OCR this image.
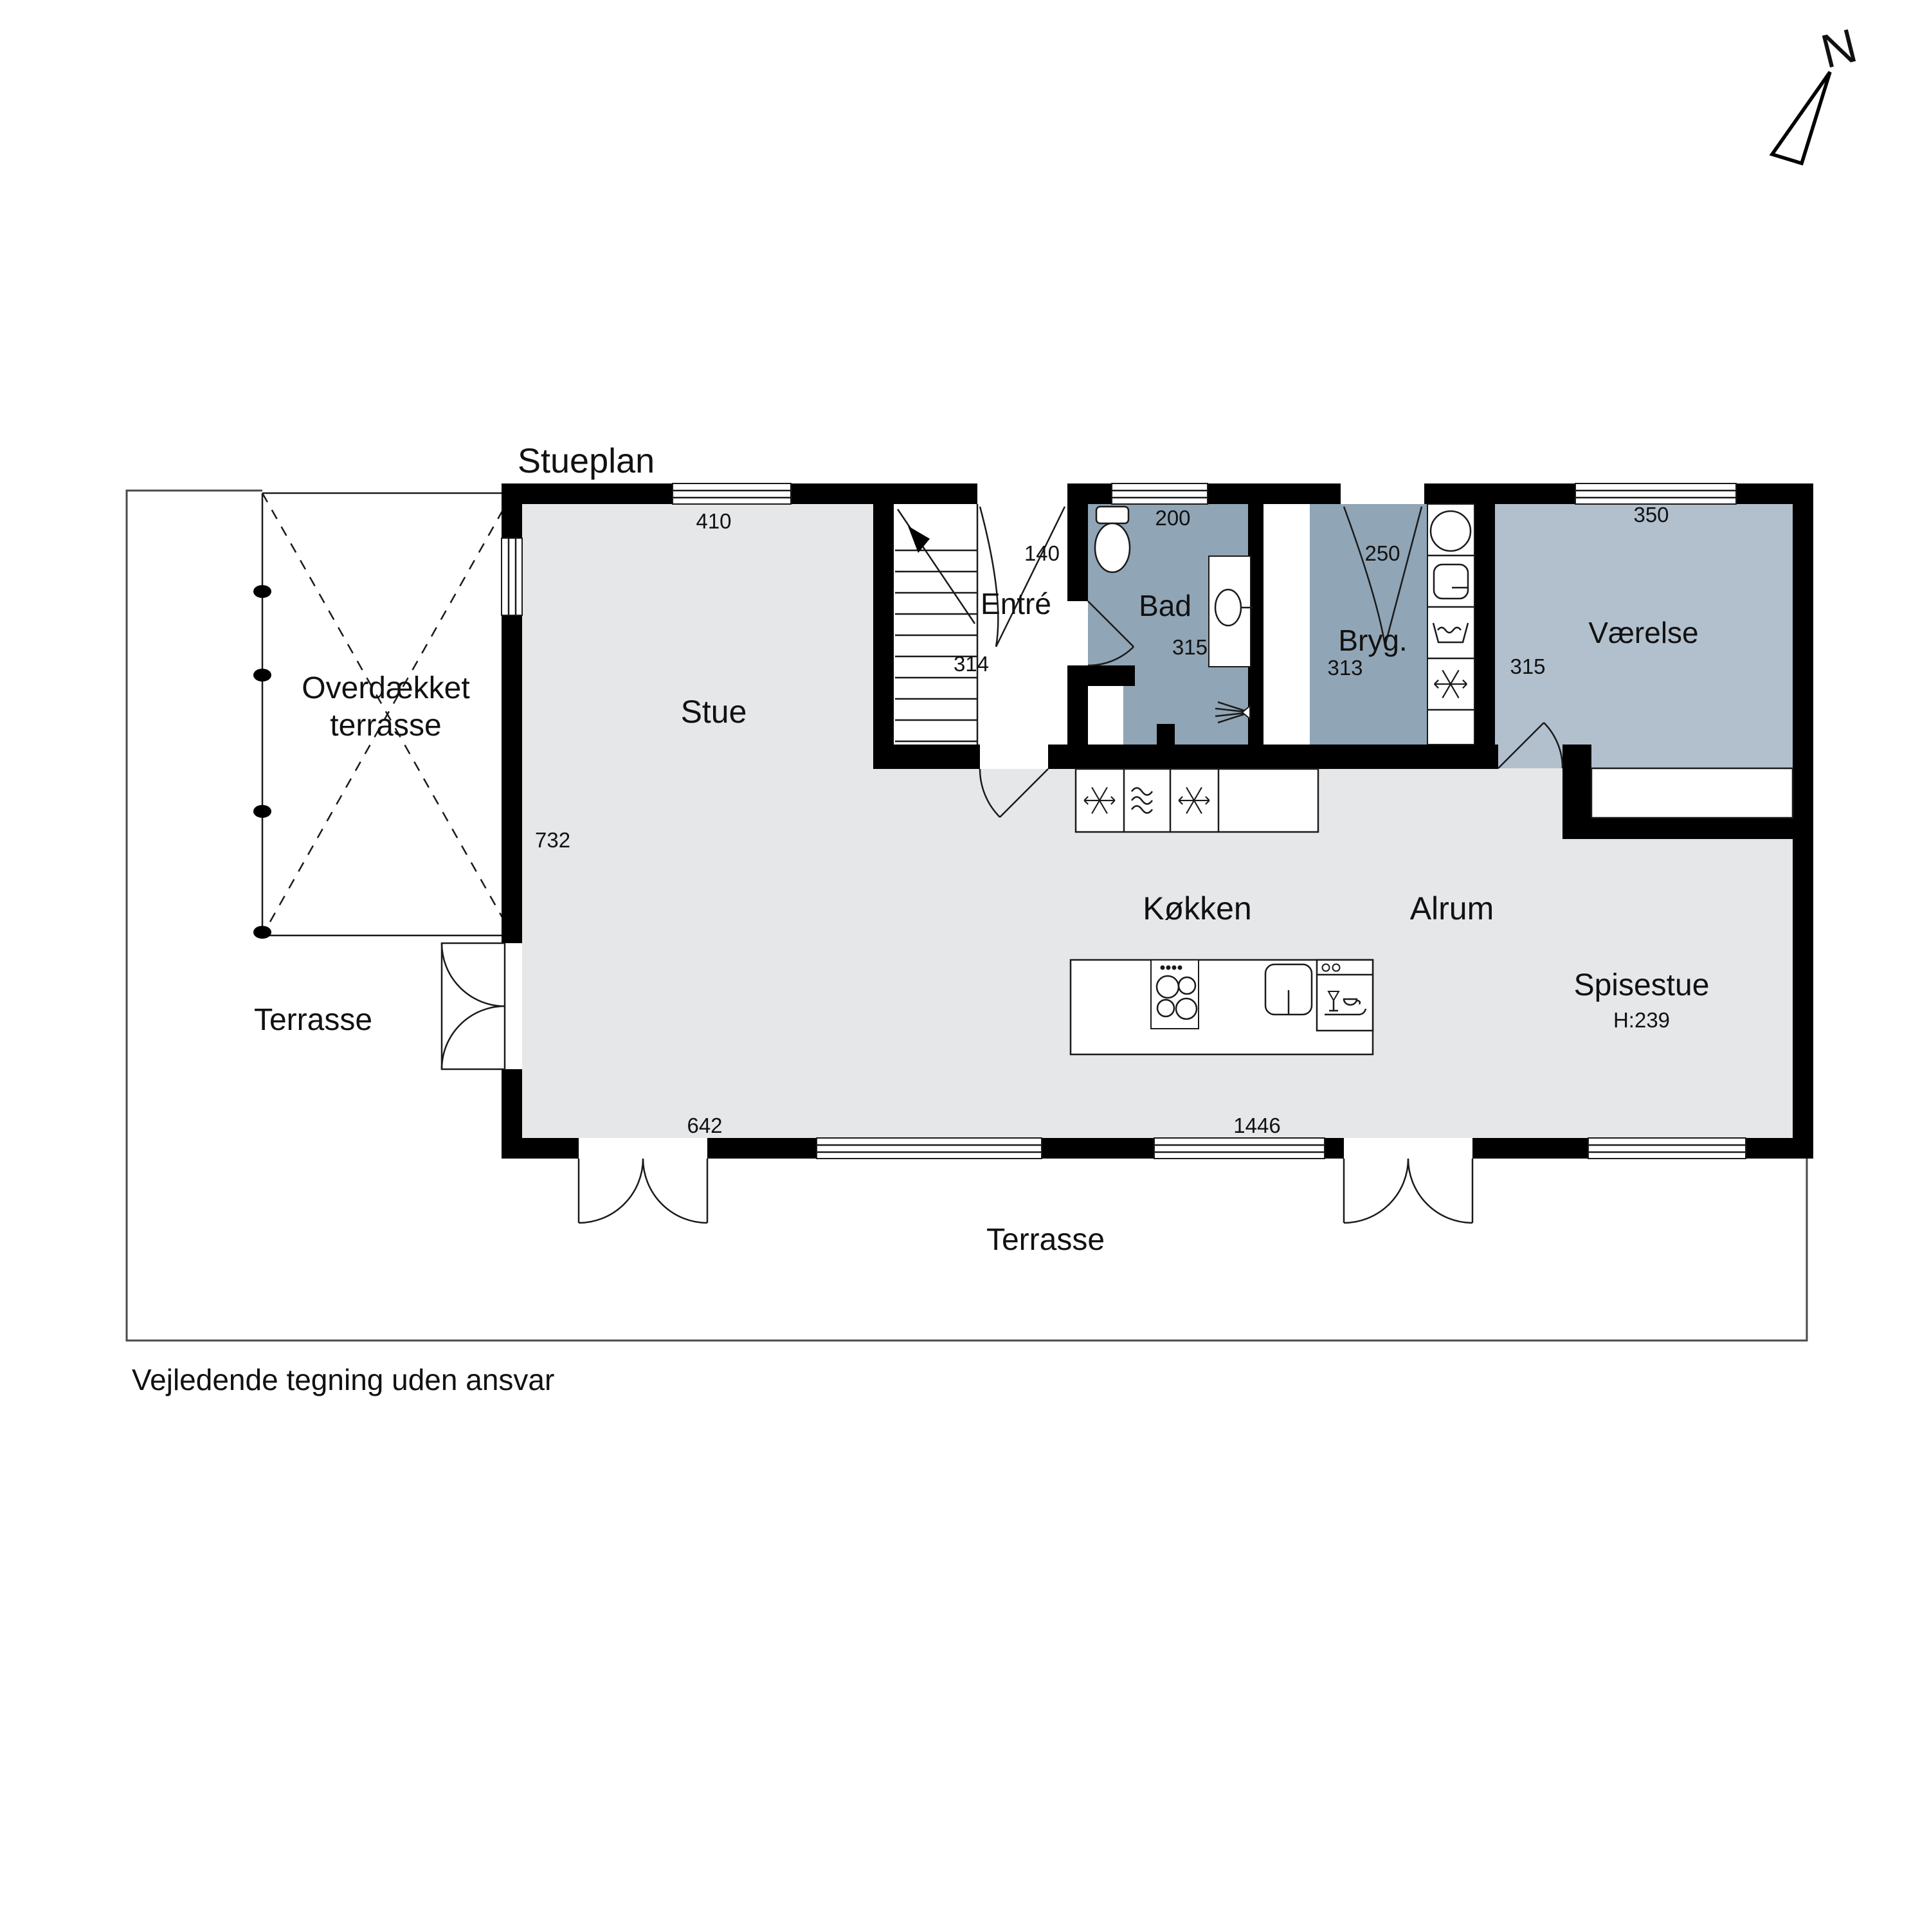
Overdækket
terrasse
Stueplan
Stue
Entré	Bad
Bryg.	Værelse
Køkken	Alrum
Spisestue
H:239
Terrasse
Terrasse
410
140
200
250
350
314
315
313	315
732
642	1446
N
Vejledende tegning uden ansvar
